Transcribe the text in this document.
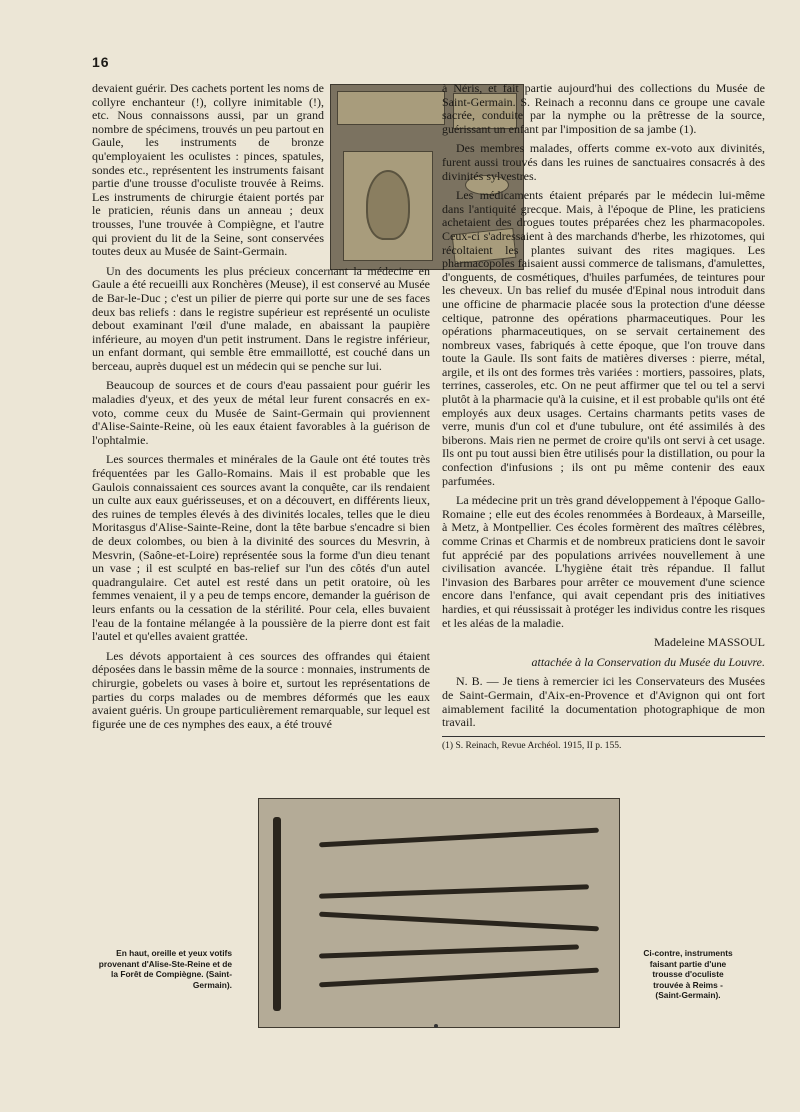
16

devaient guérir. Des cachets portent les noms de collyre enchanteur (!), collyre inimitable (!), etc. Nous connaissons aussi, par un grand nombre de spécimens, trouvés un peu partout en Gaule, les instruments de bronze qu'employaient les oculistes : pinces, spatules, sondes etc., représentent les instruments faisant partie d'une trousse d'oculiste trouvée à Reims. Les instruments de chirurgie étaient portés par le praticien, réunis dans un anneau ; deux trousses, l'une trouvée à Compiègne, et l'autre qui provient du lit de la Seine, sont conservées toutes deux au Musée de Saint-Germain.

Un des documents les plus précieux concernant la médecine en Gaule a été recueilli aux Ronchères (Meuse), il est conservé au Musée de Bar-le-Duc ; c'est un pilier de pierre qui porte sur une de ses faces deux bas reliefs : dans le registre supérieur est représenté un oculiste debout examinant l'œil d'une malade, en abaissant la paupière inférieure, au moyen d'un petit instrument. Dans le registre inférieur, un enfant dormant, qui semble être emmaillotté, est couché dans un berceau, auprès duquel est un médecin qui se penche sur lui.

Beaucoup de sources et de cours d'eau passaient pour guérir les maladies d'yeux, et des yeux de métal leur furent consacrés en ex-voto, comme ceux du Musée de Saint-Germain qui proviennent d'Alise-Sainte-Reine, où les eaux étaient favorables à la guérison de l'ophtalmie.

Les sources thermales et minérales de la Gaule ont été toutes très fréquentées par les Gallo-Romains. Mais il est probable que les Gaulois connaissaient ces sources avant la conquête, car ils rendaient un culte aux eaux guérisseuses, et on a découvert, en différents lieux, des ruines de temples élevés à des divinités locales, telles que le dieu Moritasgus d'Alise-Sainte-Reine, dont la tête barbue s'encadre si bien de deux colombes, ou bien à la divinité des sources du Mesvrin, à Mesvrin, (Saône-et-Loire) représentée sous la forme d'un dieu tenant un vase ; il est sculpté en bas-relief sur l'un des côtés d'un autel quadrangulaire. Cet autel est resté dans un petit oratoire, où les femmes venaient, il y a peu de temps encore, demander la guérison de leurs enfants ou la cessation de la stérilité. Pour cela, elles buvaient l'eau de la fontaine mélangée à la poussière de la pierre dont est fait l'autel et qu'elles avaient grattée.

Les dévots apportaient à ces sources des offrandes qui étaient déposées dans le bassin même de la source : monnaies, instruments de chirurgie, gobelets ou vases à boire et, surtout les représentations de parties du corps malades ou de membres déformés que les eaux avaient guéris. Un groupe particulièrement remarquable, sur lequel est figurée une de ces nymphes des eaux, a été trouvé

à Néris, et fait partie aujourd'hui des collections du Musée de Saint-Germain. S. Reinach a reconnu dans ce groupe une cavale sacrée, conduite par la nymphe ou la prêtresse de la source, guérissant un enfant par l'imposition de sa jambe (1).

Des membres malades, offerts comme ex-voto aux divinités, furent aussi trouvés dans les ruines de sanctuaires consacrés à des divinités sylvestres.

Les médicaments étaient préparés par le médecin lui-même dans l'antiquité grecque. Mais, à l'époque de Pline, les praticiens achetaient des drogues toutes préparées chez les pharmacopoles. Ceux-ci s'adressaient à des marchands d'herbe, les rhizotomes, qui récoltaient les plantes suivant des rites magiques. Les pharmacopoles faisaient aussi commerce de talismans, d'amulettes, d'onguents, de cosmétiques, d'huiles parfumées, de teintures pour les cheveux. Un bas relief du musée d'Epinal nous introduit dans une officine de pharmacie placée sous la protection d'une déesse celtique, patronne des opérations pharmaceutiques. Pour les opérations pharmaceutiques, on se servait certainement des nombreux vases, fabriqués à cette époque, que l'on trouve dans toute la Gaule. Ils sont faits de matières diverses : pierre, métal, argile, et ils ont des formes très variées : mortiers, passoires, plats, terrines, casseroles, etc. On ne peut affirmer que tel ou tel a servi plutôt à la pharmacie qu'à la cuisine, et il est probable qu'ils ont été employés aux deux usages. Certains charmants petits vases de verre, munis d'un col et d'une tubulure, ont été assimilés à des biberons. Mais rien ne permet de croire qu'ils ont servi à cet usage. Ils ont pu tout aussi bien être utilisés pour la distillation, ou pour la confection d'infusions ; ils ont pu même contenir des eaux parfumées.

La médecine prit un très grand développement à l'époque Gallo-Romaine ; elle eut des écoles renommées à Bordeaux, à Marseille, à Metz, à Montpellier. Ces écoles formèrent des maîtres célèbres, comme Crinas et Charmis et de nombreux praticiens dont le savoir fut apprécié par des populations arrivées nouvellement à une civilisation avancée. L'hygiène était très répandue. Il fallut l'invasion des Barbares pour arrêter ce mouvement d'une science encore dans l'enfance, qui avait cependant pris des initiatives hardies, et qui réussissait à protéger les individus contre les risques et les aléas de la maladie.

Madeleine MASSOUL

attachée à la Conservation du Musée du Louvre.

N. B. — Je tiens à remercier ici les Conservateurs des Musées de Saint-Germain, d'Aix-en-Provence et d'Avignon qui ont fort aimablement facilité la documentation photographique de mon travail.

(1) S. Reinach, Revue Archéol. 1915, II p. 155.
En haut, oreille et yeux votifs provenant d'Alise-Ste-Reine et de la Forêt de Compiègne. (Saint-Germain).
Ci-contre, instruments faisant partie d'une trousse d'oculiste trouvée à Reims - (Saint-Germain).
